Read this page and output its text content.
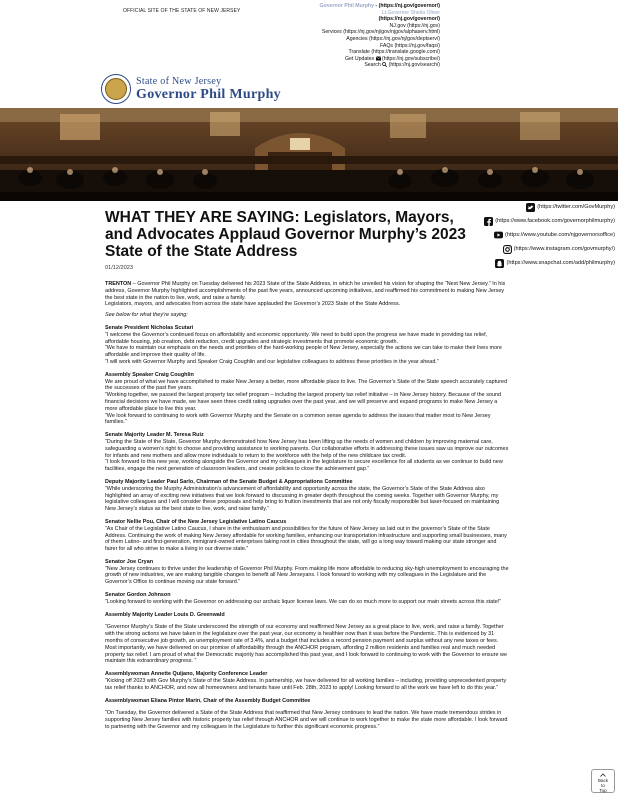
OFFICIAL SITE OF THE STATE OF NEW JERSEY
Governor Phil Murphy - (https://nj.gov/governor/)
Lt.Governor Sheila Oliver
(https://nj.gov/governor/)
NJ.gov (https://nj.gov)
Services (https://nj.gov/nj/gov/njgov/alphaserv.html)
Agencies (https://nj.gov/nj/gov/deptserv/)
FAQs (https://nj.gov/faqs/)
Translate (https://translate.google.com/)
Get Updates (https://nj.gov/subscribe/)
Search (https://nj.gov/search/)
State of New Jersey
Governor Phil Murphy
(https://twitter.com/GovMurphy)
(https://www.facebook.com/governorphilmurphy)
(https://www.youtube.com/njgovernorsoffice)
(https://www.instagram.com/govmurphy/)
(https://www.snapchat.com/add/philmurphy)
WHAT THEY ARE SAYING: Legislators, Mayors, and Advocates Applaud Governor Murphy’s 2023 State of the State Address
01/12/2023

TRENTON – Governor Phil Murphy on Tuesday delivered his 2023 State of the State Address, in which he unveiled his vision for shaping the “Next New Jersey.” In his address, Governor Murphy highlighted accomplishments of the past five years, announced upcoming initiatives, and reaffirmed his commitment to making New Jersey the best state in the nation to live, work, and raise a family.
Legislators, mayors, and advocates from across the state have applauded the Governor’s 2023 State of the State Address.

See below for what they’re saying:

Senate President Nicholas Scutari

“I welcome the Governor’s continued focus on affordability and economic opportunity. We need to build upon the progress we have made in providing tax relief, affordable housing, job creation, debt reduction, credit upgrades and strategic investments that promote economic growth.

“We have to maintain our emphasis on the needs and priorities of the hard-working people of New Jersey, especially the actions we can take to make their lives more affordable and improve their quality of life.

“I will work with Governor Murphy and Speaker Craig Coughlin and our legislative colleagues to address these priorities in the year ahead.”

Assembly Speaker Craig Coughlin

We are proud of what we have accomplished to make New Jersey a better, more affordable place to live. The Governor’s State of the State speech accurately captured the successes of the past five years.

“Working together, we passed the largest property tax relief program – including the largest property tax relief initiative – in New Jersey history. Because of the sound financial decisions we have made, we have seen three credit rating upgrades over the past year, and we will preserve and expand programs to make New Jersey a more affordable place to live this year.

“We look forward to continuing to work with Governor Murphy and the Senate on a common sense agenda to address the issues that matter most to New Jersey families.”

Senate Majority Leader M. Teresa Ruiz

“During the State of the State, Governor Murphy demonstrated how New Jersey has been lifting up the needs of women and children by improving maternal care, safeguarding a women’s right to choose and providing assistance to working parents. Our collaborative efforts in addressing these issues saw us improve our outcomes for infants and new mothers and allow more individuals to return to the workforce with the help of the new childcare tax credit.

“I look forward to this new year, working alongside the Governor and my colleagues in the legislature to secure excellence for all students as we continue to build new facilities, engage the next generation of classroom leaders, and create policies to close the achievement gap.”

Deputy Majority Leader Paul Sarlo, Chairman of the Senate Budget & Appropriations Committee

“While underscoring the Murphy Administration’s advancement of affordability and opportunity across the state, the Governor’s State of the State Address also highlighted an array of exciting new initiatives that we look forward to discussing in greater depth throughout the coming weeks. Together with Governor Murphy, my legislative colleagues and I will consider these proposals and help bring to fruition investments that are not only fiscally responsible but laser-focused on maintaining New Jersey’s status as the best state to live, work, and raise family.”

Senator Nellie Pou, Chair of the New Jersey Legislative Latino Caucus

“As Chair of the Legislative Latino Caucus, I share in the enthusiasm and possibilities for the future of New Jersey as laid out in the governor’s State of the State Address. Continuing the work of making New Jersey affordable for working families, enhancing our transportation infrastructure and supporting small businesses, many of them Latino- and first-generation, immigrant-owned enterprises taking root in cities throughout the state, will go a long way toward making our state stronger and fairer for all who strive to make a living in our diverse state.”

Senator Joe Cryan

“New Jersey continues to thrive under the leadership of Governor Phil Murphy. From making life more affordable to reducing sky-high unemployment to encouraging the growth of new industries, we are making tangible changes to benefit all New Jerseyans. I look forward to working with my colleagues in the Legislature and the Governor’s Office to continue moving our state forward.”

Senator Gordon Johnson

“Looking forward to working with the Governor on addressing our archaic liquor license laws. We can do so much more to support our main streets across this state!”

Assembly Majority Leader Louis D. Greenwald

“Governor Murphy’s State of the State underscored the strength of our economy and reaffirmed New Jersey as a great place to live, work, and raise a family. Together with the strong actions we have taken in the legislature over the past year, our economy is healthier now than it was before the Pandemic. This is evidenced by 31 months of consecutive job growth, an unemployment rate of 3.4%, and a budget that includes a record pension payment and surplus without any new taxes or fees. Most importantly, we have delivered on our promise of affordability through the ANCHOR program, affording 2 million residents and families real and much needed property tax relief. I am proud of what the Democratic majority has accomplished this past year, and I look forward to continuing to work with the Governor to ensure we maintain this extraordinary progress. ”

Assemblywoman Annette Quijano, Majority Conference Leader

“Kicking off 2023 with Gov Murphy’s State of the State Address. In partnership, we have delivered for all working families – including, providing unprecedented property tax relief thanks to ANCHOR, and now all homeowners and tenants have until Feb. 28th, 2023 to apply! Looking forward to all the work we have left to do this year.”

Assemblywoman Eliana Pintor Marin, Chair of the Assembly Budget Committee

“On Tuesday, the Governor delivered a State of the State Address that reaffirmed that New Jersey continues to lead the nation. We have made tremendous strides in supporting New Jersey families with historic property tax relief through ANCHOR and we will continue to work together to make the state more affordable. I look forward to partnering with the Governor and my colleagues in the Legislature to further this significant economic progress.”

Back
to
Top
